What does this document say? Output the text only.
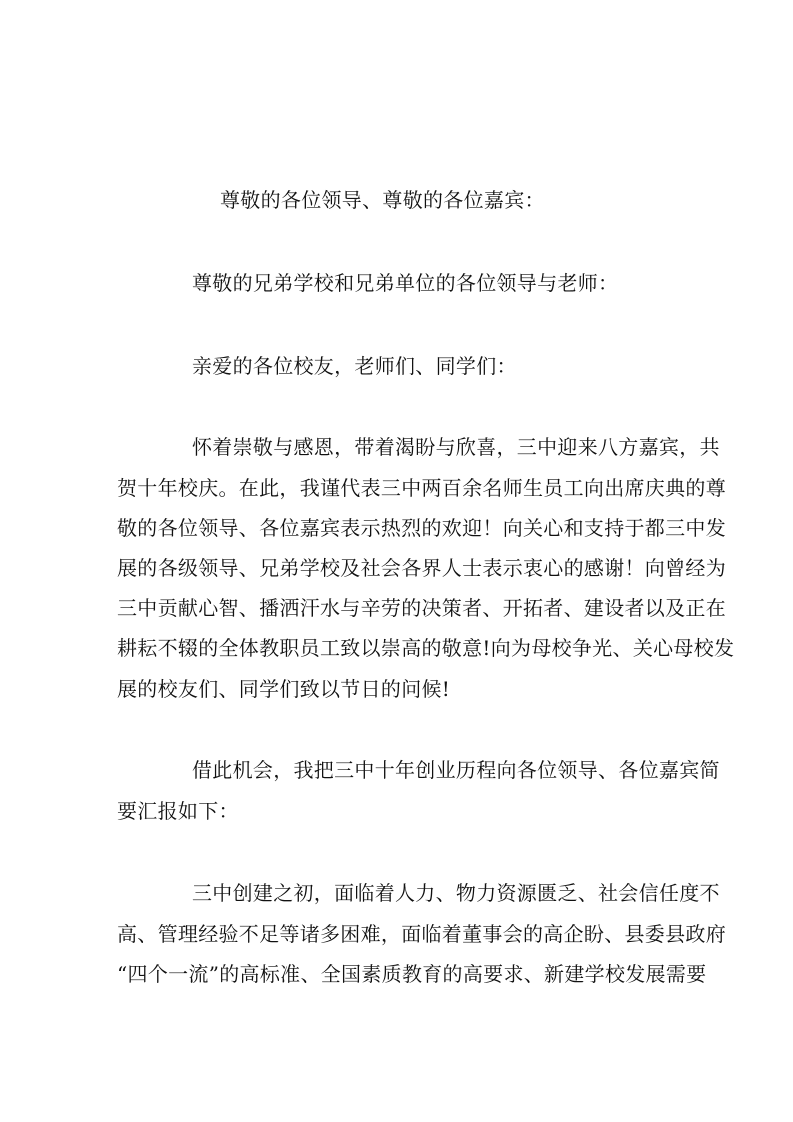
尊敬的各位领导、尊敬的各位嘉宾：
尊敬的兄弟学校和兄弟单位的各位领导与老师：
亲爱的各位校友，老师们、同学们：
怀着崇敬与感恩，带着渴盼与欣喜，三中迎来八方嘉宾，共
贺十年校庆。在此，我谨代表三中两百余名师生员工向出席庆典的尊
敬的各位领导、各位嘉宾表示热烈的欢迎！向关心和支持于都三中发
展的各级领导、兄弟学校及社会各界人士表示衷心的感谢！向曾经为
三中贡献心智、播洒汗水与辛劳的决策者、开拓者、建设者以及正在
耕耘不辍的全体教职员工致以崇高的敬意!向为母校争光、关心母校发
展的校友们、同学们致以节日的问候!
借此机会，我把三中十年创业历程向各位领导、各位嘉宾简
要汇报如下：
三中创建之初，面临着人力、物力资源匮乏、社会信任度不
高、管理经验不足等诸多困难，面临着董事会的高企盼、县委县政府
“四个一流”的高标准、全国素质教育的高要求、新建学校发展需要
